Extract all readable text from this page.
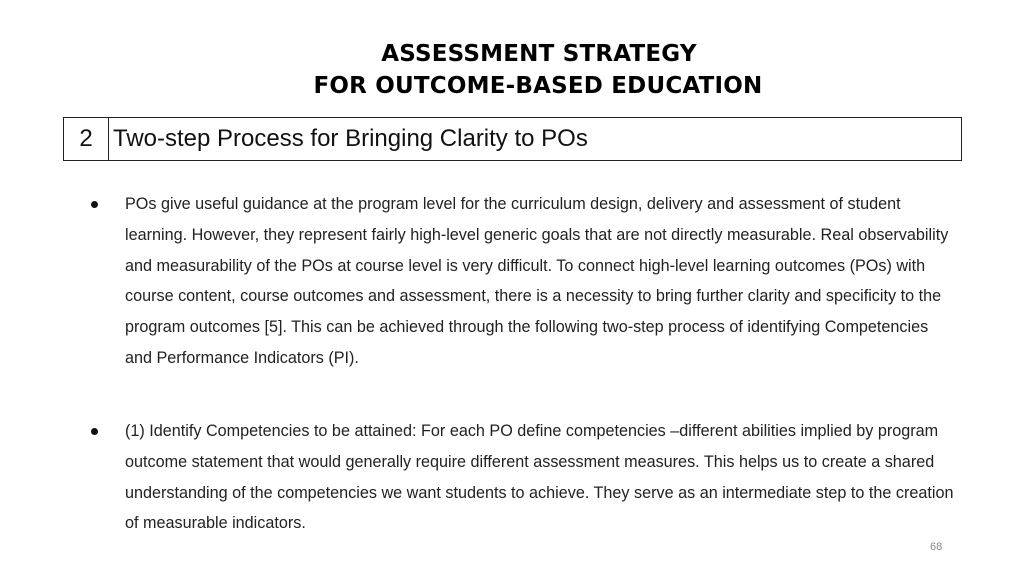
ASSESSMENT STRATEGY
FOR OUTCOME-BASED EDUCATION
2 Two-step Process for Bringing Clarity to POs
POs give useful guidance at the program level for the curriculum design, delivery and assessment of student learning. However, they represent fairly high-level generic goals that are not directly measurable. Real observability and measurability of the POs at course level is very difficult. To connect high-level learning outcomes (POs) with course content, course outcomes and assessment, there is a necessity to bring further clarity and specificity to the program outcomes [5]. This can be achieved through the following two-step process of identifying Competencies and Performance Indicators (PI).
(1) Identify Competencies to be attained: For each PO define competencies –different abilities implied by program outcome statement that would generally require different assessment measures. This helps us to create a shared understanding of the competencies we want students to achieve. They serve as an intermediate step to the creation of measurable indicators.
68
